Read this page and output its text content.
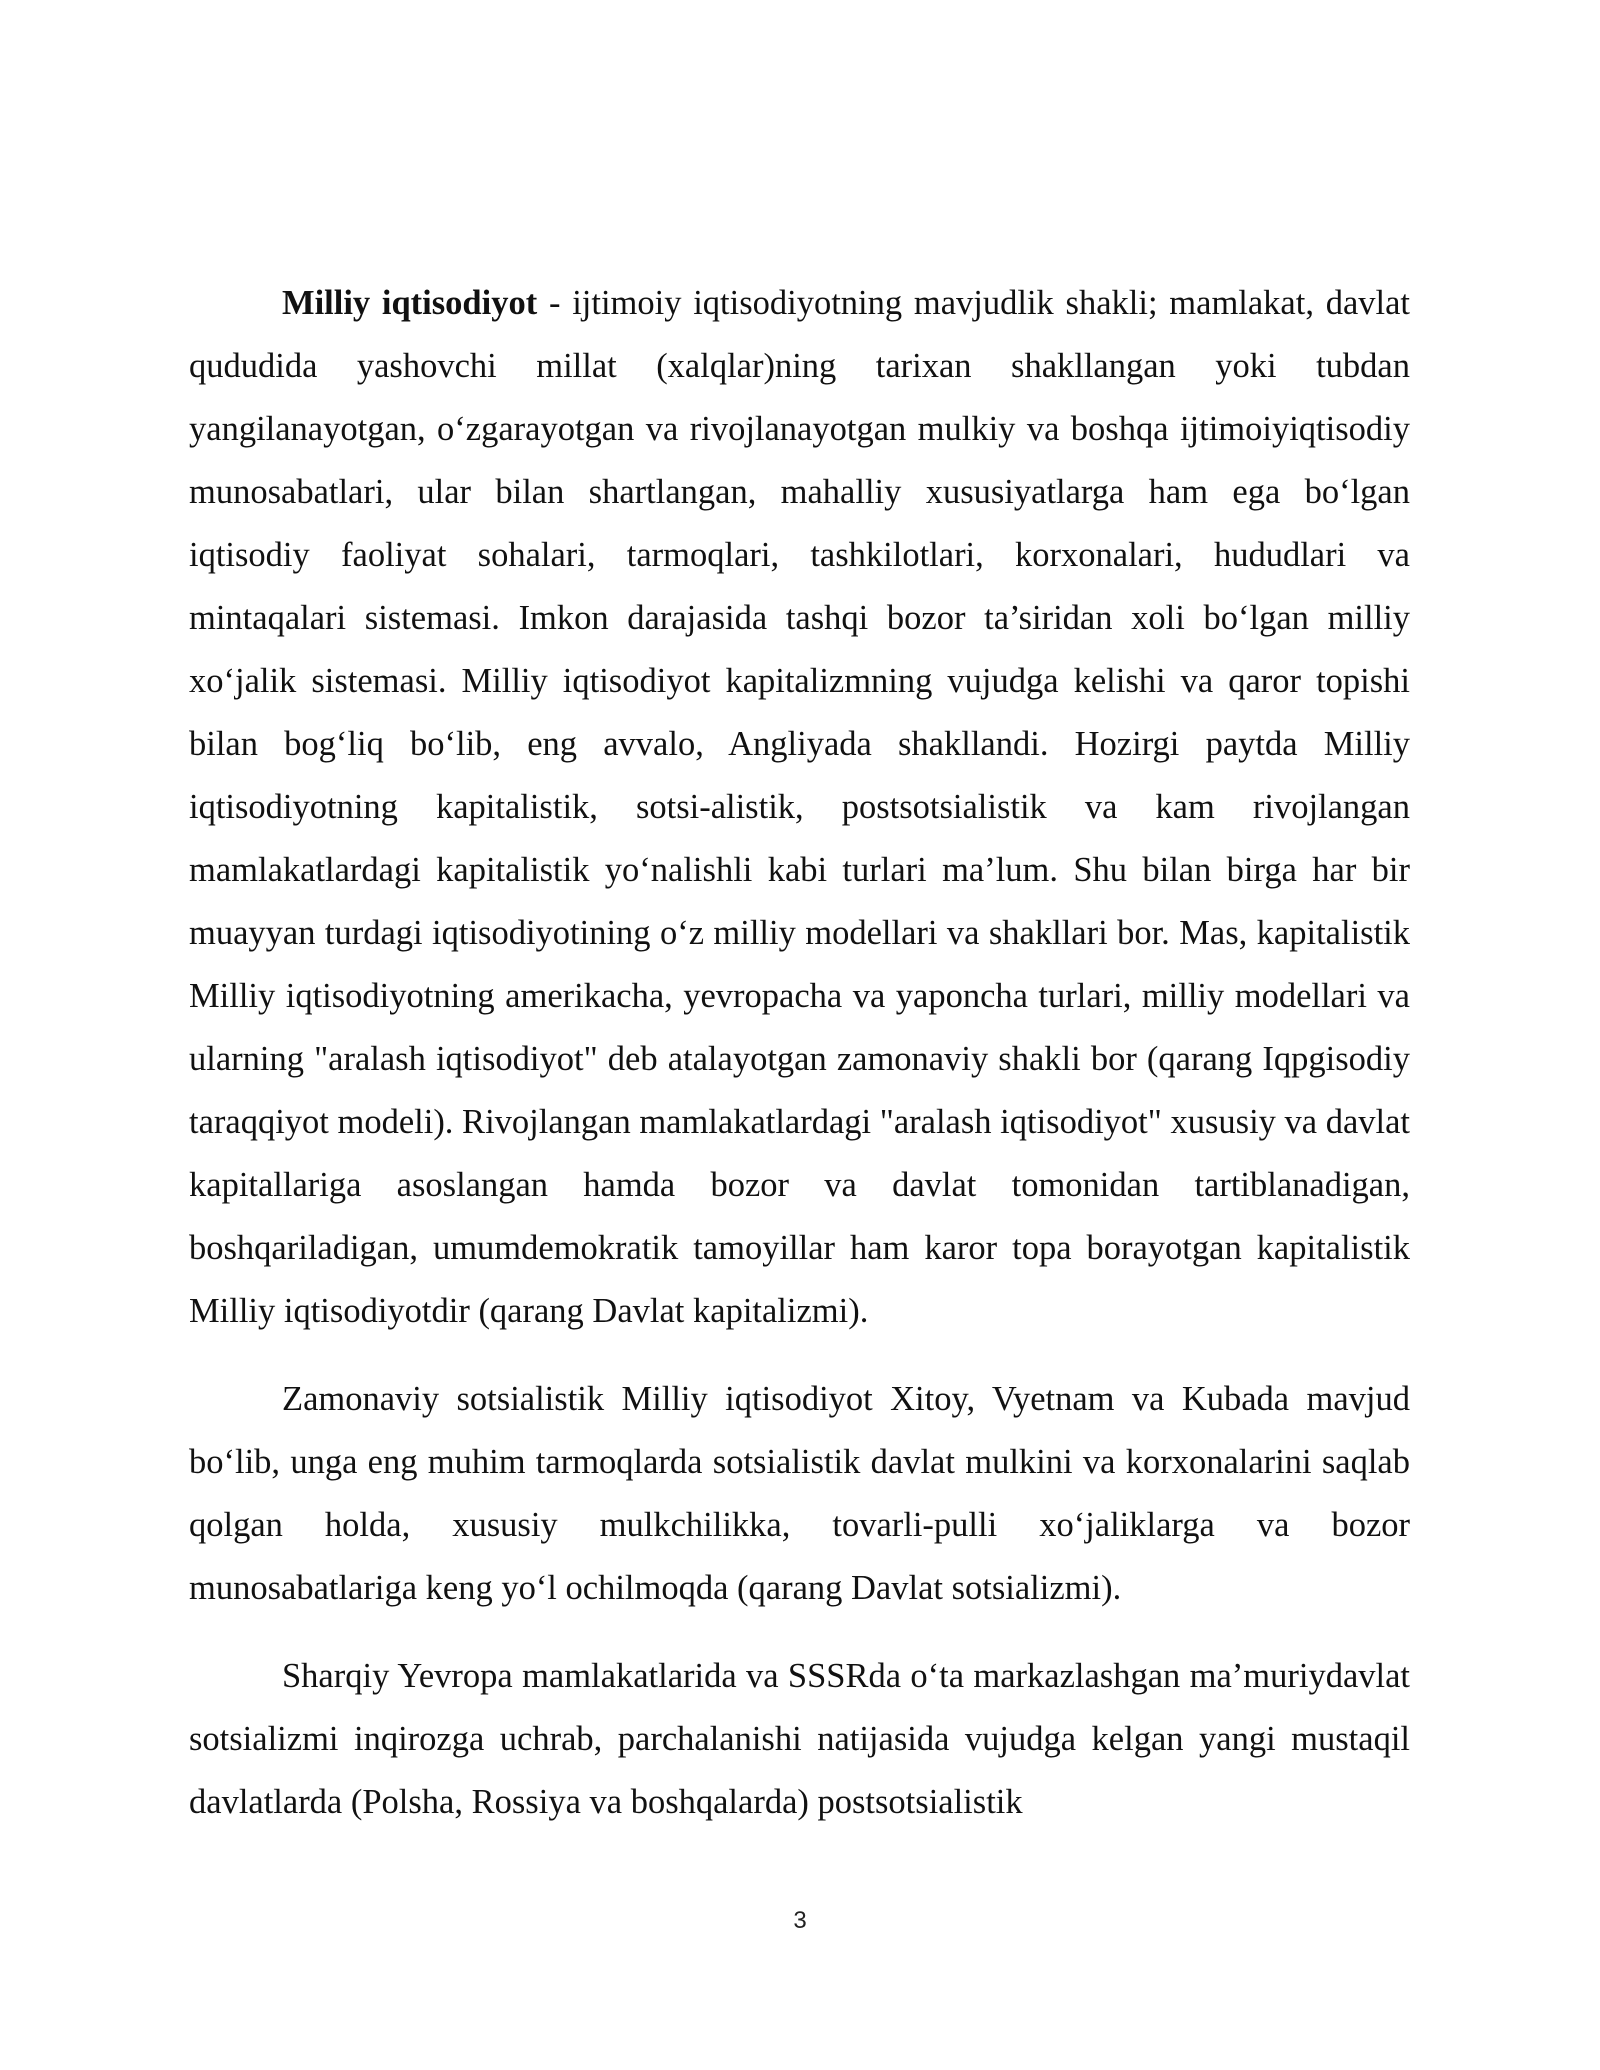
Milliy iqtisodiyot - ijtimoiy iqtisodiyotning mavjudlik shakli; mamlakat, davlat qududida yashovchi millat (xalqlar)ning tarixan shakllangan yoki tubdan yangilanayotgan, o‘zgarayotgan va rivojlanayotgan mulkiy va boshqa ijtimoiyiqtisodiy munosabatlari, ular bilan shartlangan, mahalliy xususiyatlarga ham ega bo‘lgan iqtisodiy faoliyat sohalari, tarmoqlari, tashkilotlari, korxonalari, hududlari va mintaqalari sistemasi. Imkon darajasida tashqi bozor ta’siridan xoli bo‘lgan milliy xo‘jalik sistemasi. Milliy iqtisodiyot kapitalizmning vujudga kelishi va qaror topishi bilan bog‘liq bo‘lib, eng avvalo, Angliyada shakllandi. Hozirgi paytda Milliy iqtisodiyotning kapitalistik, sotsi-alistik, postsotsialistik va kam rivojlangan mamlakatlardagi kapitalistik yo‘nalishli kabi turlari ma’lum. Shu bilan birga har bir muayyan turdagi iqtisodiyotining o‘z milliy modellari va shakllari bor. Mas, kapitalistik Milliy iqtisodiyotning amerikacha, yevropacha va yaponcha turlari, milliy modellari va ularning "aralash iqtisodiyot" deb atalayotgan zamonaviy shakli bor (qarang Iqpgisodiy taraqqiyot modeli). Rivojlangan mamlakatlardagi "aralash iqtisodiyot" xususiy va davlat kapitallariga asoslangan hamda bozor va davlat tomonidan tartiblanadigan, boshqariladigan, umumdemokratik tamoyillar ham karor topa borayotgan kapitalistik Milliy iqtisodiyotdir (qarang Davlat kapitalizmi).

Zamonaviy sotsialistik Milliy iqtisodiyot Xitoy, Vyetnam va Kubada mavjud bo‘lib, unga eng muhim tarmoqlarda sotsialistik davlat mulkini va korxonalarini saqlab qolgan holda, xususiy mulkchilikka, tovarli-pulli xo‘jaliklarga va bozor munosabatlariga keng yo‘l ochilmoqda (qarang Davlat sotsializmi).

Sharqiy Yevropa mamlakatlarida va SSSRda o‘ta markazlashgan ma’muriydavlat sotsializmi inqirozga uchrab, parchalanishi natijasida vujudga kelgan yangi mustaqil davlatlarda (Polsha, Rossiya va boshqalarda) postsotsialistik

3
